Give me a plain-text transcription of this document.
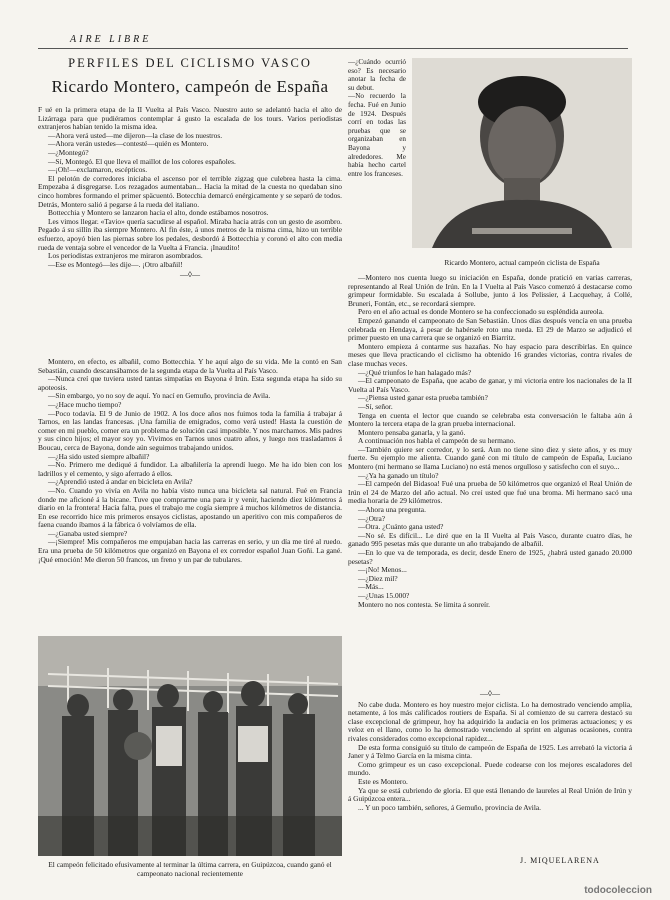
AIRE LIBRE
PERFILES DEL CICLISMO VASCO
Ricardo Montero, campeón de España

F ué en la primera etapa de la II Vuelta al País Vasco. Nuestro auto se adelantó hacia el alto de Lizárraga para que pudiéramos contemplar á gusto la escalada de los tours. Varios periodistas extranjeros habían tenido la misma idea.

—Ahora verá usted—me dijeron—la clase de los nuestros.

—Ahora verán ustedes—contesté—quién es Montero.

—¿Montegó?

—Sí, Montegó. El que lleva el maillot de los colores españoles.

—¡Oh!—exclamaron, escépticos.

El pelotón de corredores iniciaba el ascenso por el terrible zigzag que culebrea hasta la cima. Empezaba á disgregarse. Los rezagados aumentaban... Hacia la mitad de la cuesta no quedaban sino cinco hombres formando el primer späcuentó. Botecchia demarcó enérgicamente y se separó de todos. Detrás, Montero salió á pegarse á la rueda del italiano.

Bottecchia y Montero se lanzaron hacia el alto, donde estábamos nosotros.

Les vimos llegar. «Tavio» quería sacudirse al español. Miraba hacia atrás con un gesto de asombro. Pegado á su sillín iba siempre Montero. Al fin éste, á unos metros de la misma cima, hizo un terrible esfuerzo, apoyó bien las piernas sobre los pedales, desbordó á Bottecchia y coronó el alto con media rueda de ventaja sobre el vencedor de la Vuelta á Francia. ¡Inaudito!

Los periodistas extranjeros me miraron asombrados.

—Ese es Montegó—les dije—. ¡Otro albañil!

—◊—

Montero, en efecto, es albañil, como Bottecchia. Y he aquí algo de su vida. Me la contó en San Sebastián, cuando descansábamos de la segunda etapa de la Vuelta al País Vasco.

—Nunca creí que tuviera usted tantas simpatías en Bayona é Irún. Esta segunda etapa ha sido su apoteosis.

—Sin embargo, yo no soy de aquí. Yo nací en Gemuño, provincia de Avila.

—¿Hace mucho tiempo?

—Poco todavía. El 9 de Junio de 1902. A los doce años nos fuimos toda la familia á trabajar á Tarnos, en las landas francesas. ¡Una familia de emigrados, como verá usted! Hasta la cuestión de comer en mi pueblo, comer era un problema de solución casi imposible. Y nos marchamos. Mis padres y sus cinco hijos; el mayor soy yo. Vivimos en Tarnos unos cuatro años, y luego nos trasladamos á Boucau, cerca de Bayona, donde aún seguimos trabajando unidos.

—¿Ha sido usted siempre albañil?

—No. Primero me dediqué á fundidor. La albañilería la aprendí luego. Me ha ido bien con los ladrillos y el cemento, y sigo aferrado á ellos.

—¿Aprendió usted á andar en bicicleta en Avila?

—No. Cuando yo vivía en Avila no había visto nunca una bicicleta sal natural. Fué en Francia donde me aficioné á la bicane. Tuve que comprarme una para ir y venir, haciendo diez kilómetros á diario en la frontera! Hacía falta, pues el trabajo me cogía siempre á muchos kilómetros de distancia. En ese recorrido hice mis primeros ensayos ciclistas, apostando un aperitivo con mis compañeros de faena cuando íbamos á la fábrica ó volvíamos de ella.

—¿Ganaba usted siempre?

—¡Siempre! Mis compañeros me empujaban hacia las carreras en serio, y un día me tiré al ruedo. Era una prueba de 50 kilómetros que organizó en Bayona el ex corredor español Juan Goñi. La gané. ¡Qué emoción! Me dieron 50 francos, un freno y un par de tubulares.

El campeón felicitado efusivamente al terminar la última carrera, en Guipúzcoa, cuando ganó el campeonato nacional recientemente

—¿Cuándo ocurrió eso? Es necesario anotar la fecha de su debut.

—No recuerdo la fecha. Fué en Junio de 1924. Después corrí en todas las pruebas que se organizaban en Bayona y alrededores. Me había hecho cartel entre los franceses.

Ricardo Montero, actual campeón ciclista de España

—Montero nos cuenta luego su iniciación en España, donde pratició en varias carreras, representando al Real Unión de Irún. En la I Vuelta al País Vasco comenzó á destacarse como grimpeur formidable. Su escalada á Sollube, junto á los Pelissier, á Lacquehay, á Collé, Bruneri, Fontán, etc., se recordará siempre.

Pero en el año actual es donde Montero se ha confeccionado su espléndida aureola.

Empezó ganando el campeonato de San Sebastián. Unos días después vencía en una prueba celebrada en Hendaya, á pesar de habérsele roto una rueda. El 29 de Marzo se adjudicó el primer puesto en una carrera que se organizó en Biarritz.

Montero empieza á contarme sus hazañas. No hay espacio para describirlas. En quince meses que lleva practicando el ciclismo ha obtenido 16 grandes victorias, contra rivales de clase muchas veces.

—¿Qué triunfos le han halagado más?

—El campeonato de España, que acabo de ganar, y mi victoria entre los nacionales de la II Vuelta al País Vasco.

—¿Piensa usted ganar esta prueba también?

—Sí, señor.

Tenga en cuenta el lector que cuando se celebraba esta conversación le faltaba aún á Montero la tercera etapa de la gran prueba internacional.

Montero pensaba ganarla, y la ganó.

A continuación nos habla el campeón de su hermano.

—También quiere ser corredor, y lo será. Aun no tiene sino diez y siete años, y es muy fuerte. Su ejemplo me alienta. Cuando gané con mi título de campeón de España, Luciano Montero (mi hermano se llama Luciano) no está menos orgulloso y satisfecho con el suyo...

—¿Ya ha ganado un título?

—El campeón del Bidasoa! Fué una prueba de 50 kilómetros que organizó el Real Unión de Irún el 24 de Marzo del año actual. No creí usted que fué una broma. Mi hermano sacó una media horaria de 29 kilómetros.

—Ahora una pregunta.

—¿Otra?

—Otra. ¿Cuánto gana usted?

—No sé. Es difícil... Le diré que en la II Vuelta al País Vasco, durante cuatro días, he ganado 995 pesetas más que durante un año trabajando de albañil.

—En lo que va de temporada, es decir, desde Enero de 1925, ¿habrá usted ganado 20.000 pesetas?

—¡No! Menos...

—¿Diez mil?

—Más...

—¿Unas 15.000?

Montero no nos contesta. Se limita á sonreír.

—◊—

No cabe duda. Montero es hoy nuestro mejor ciclista. Lo ha demostrado venciendo amplia, netamente, á los más calificados routiers de España. Si al comienzo de su carrera destacó su clase excepcional de grimpeur, hoy ha adquirido la audacia en los primeras actuaciones; y es veloz en el llano, como lo ha demostrado venciendo al sprint en algunas ocasiones, contra rivales considerados como excepcional rapidez...

De esta forma consiguió su título de campeón de España de 1925. Les arrebató la victoria á Janer y á Telmo García en la misma cinta.

Como grimpeur es un caso excepcional. Puede codearse con los mejores escaladores del mundo.

Este es Montero.

Ya que se está cubriendo de gloria. El que está llenando de laureles al Real Unión de Irún y á Guipúzcoa entera...

... Y un poco también, señores, á Gemuño, provincia de Avila.

J. MIQUELARENA
todocoleccion
